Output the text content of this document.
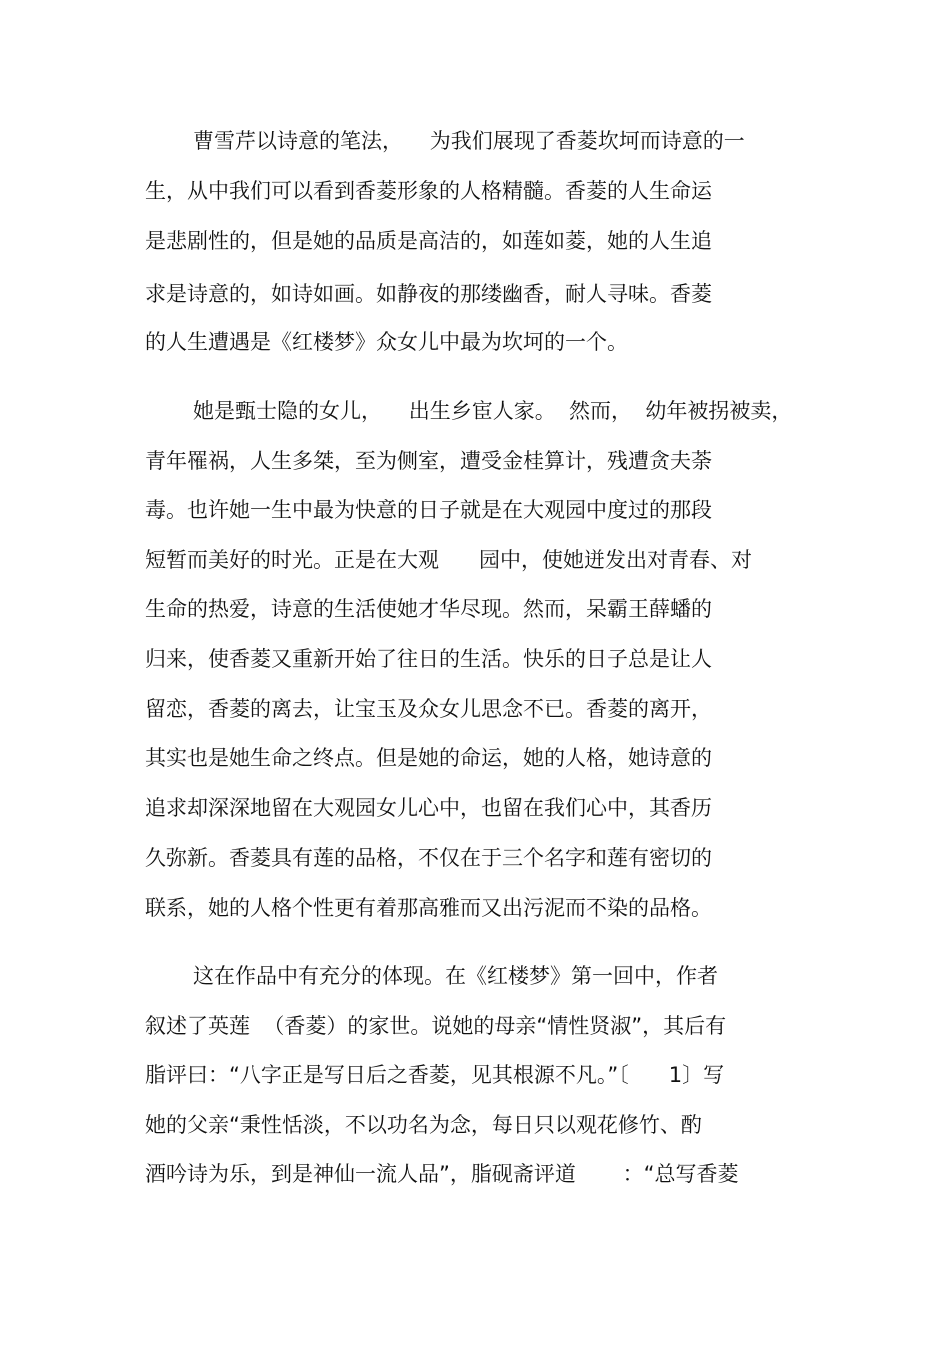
曹雪芹以诗意的笔法，    为我们展现了香菱坎坷而诗意的一
生，从中我们可以看到香菱形象的人格精髓。香菱的人生命运
是悲剧性的，但是她的品质是高洁的，如莲如菱，她的人生追
求是诗意的，如诗如画。如静夜的那缕幽香，耐人寻味。香菱
的人生遭遇是《红楼梦》众女儿中最为坎坷的一个。
她是甄士隐的女儿，    出生乡宦人家。  然而，  幼年被拐被卖，
青年罹祸，人生多桀，至为侧室，遭受金桂算计，残遭贪夫荼
毒。也许她一生中最为快意的日子就是在大观园中度过的那段
短暂而美好的时光。正是在大观      园中，使她迸发出对青春、对
生命的热爱，诗意的生活使她才华尽现。然而，呆霸王薛蟠的
归来，使香菱又重新开始了往日的生活。快乐的日子总是让人
留恋，香菱的离去，让宝玉及众女儿思念不已。香菱的离开，
其实也是她生命之终点。但是她的命运，她的人格，她诗意的
追求却深深地留在大观园女儿心中，也留在我们心中，其香历
久弥新。香菱具有莲的品格，不仅在于三个名字和莲有密切的
联系，她的人格个性更有着那高雅而又出污泥而不染的品格。
这在作品中有充分的体现。在《红楼梦》第一回中，作者
叙述了英莲  （香菱）的家世。说她的母亲“情性贤淑”，其后有
脂评曰：“八字正是写日后之香菱，见其根源不凡。”〔      1〕写
她的父亲“秉性恬淡，不以功名为念，每日只以观花修竹、酌
酒吟诗为乐，到是神仙一流人品”，脂砚斋评道       ：“总写香菱
